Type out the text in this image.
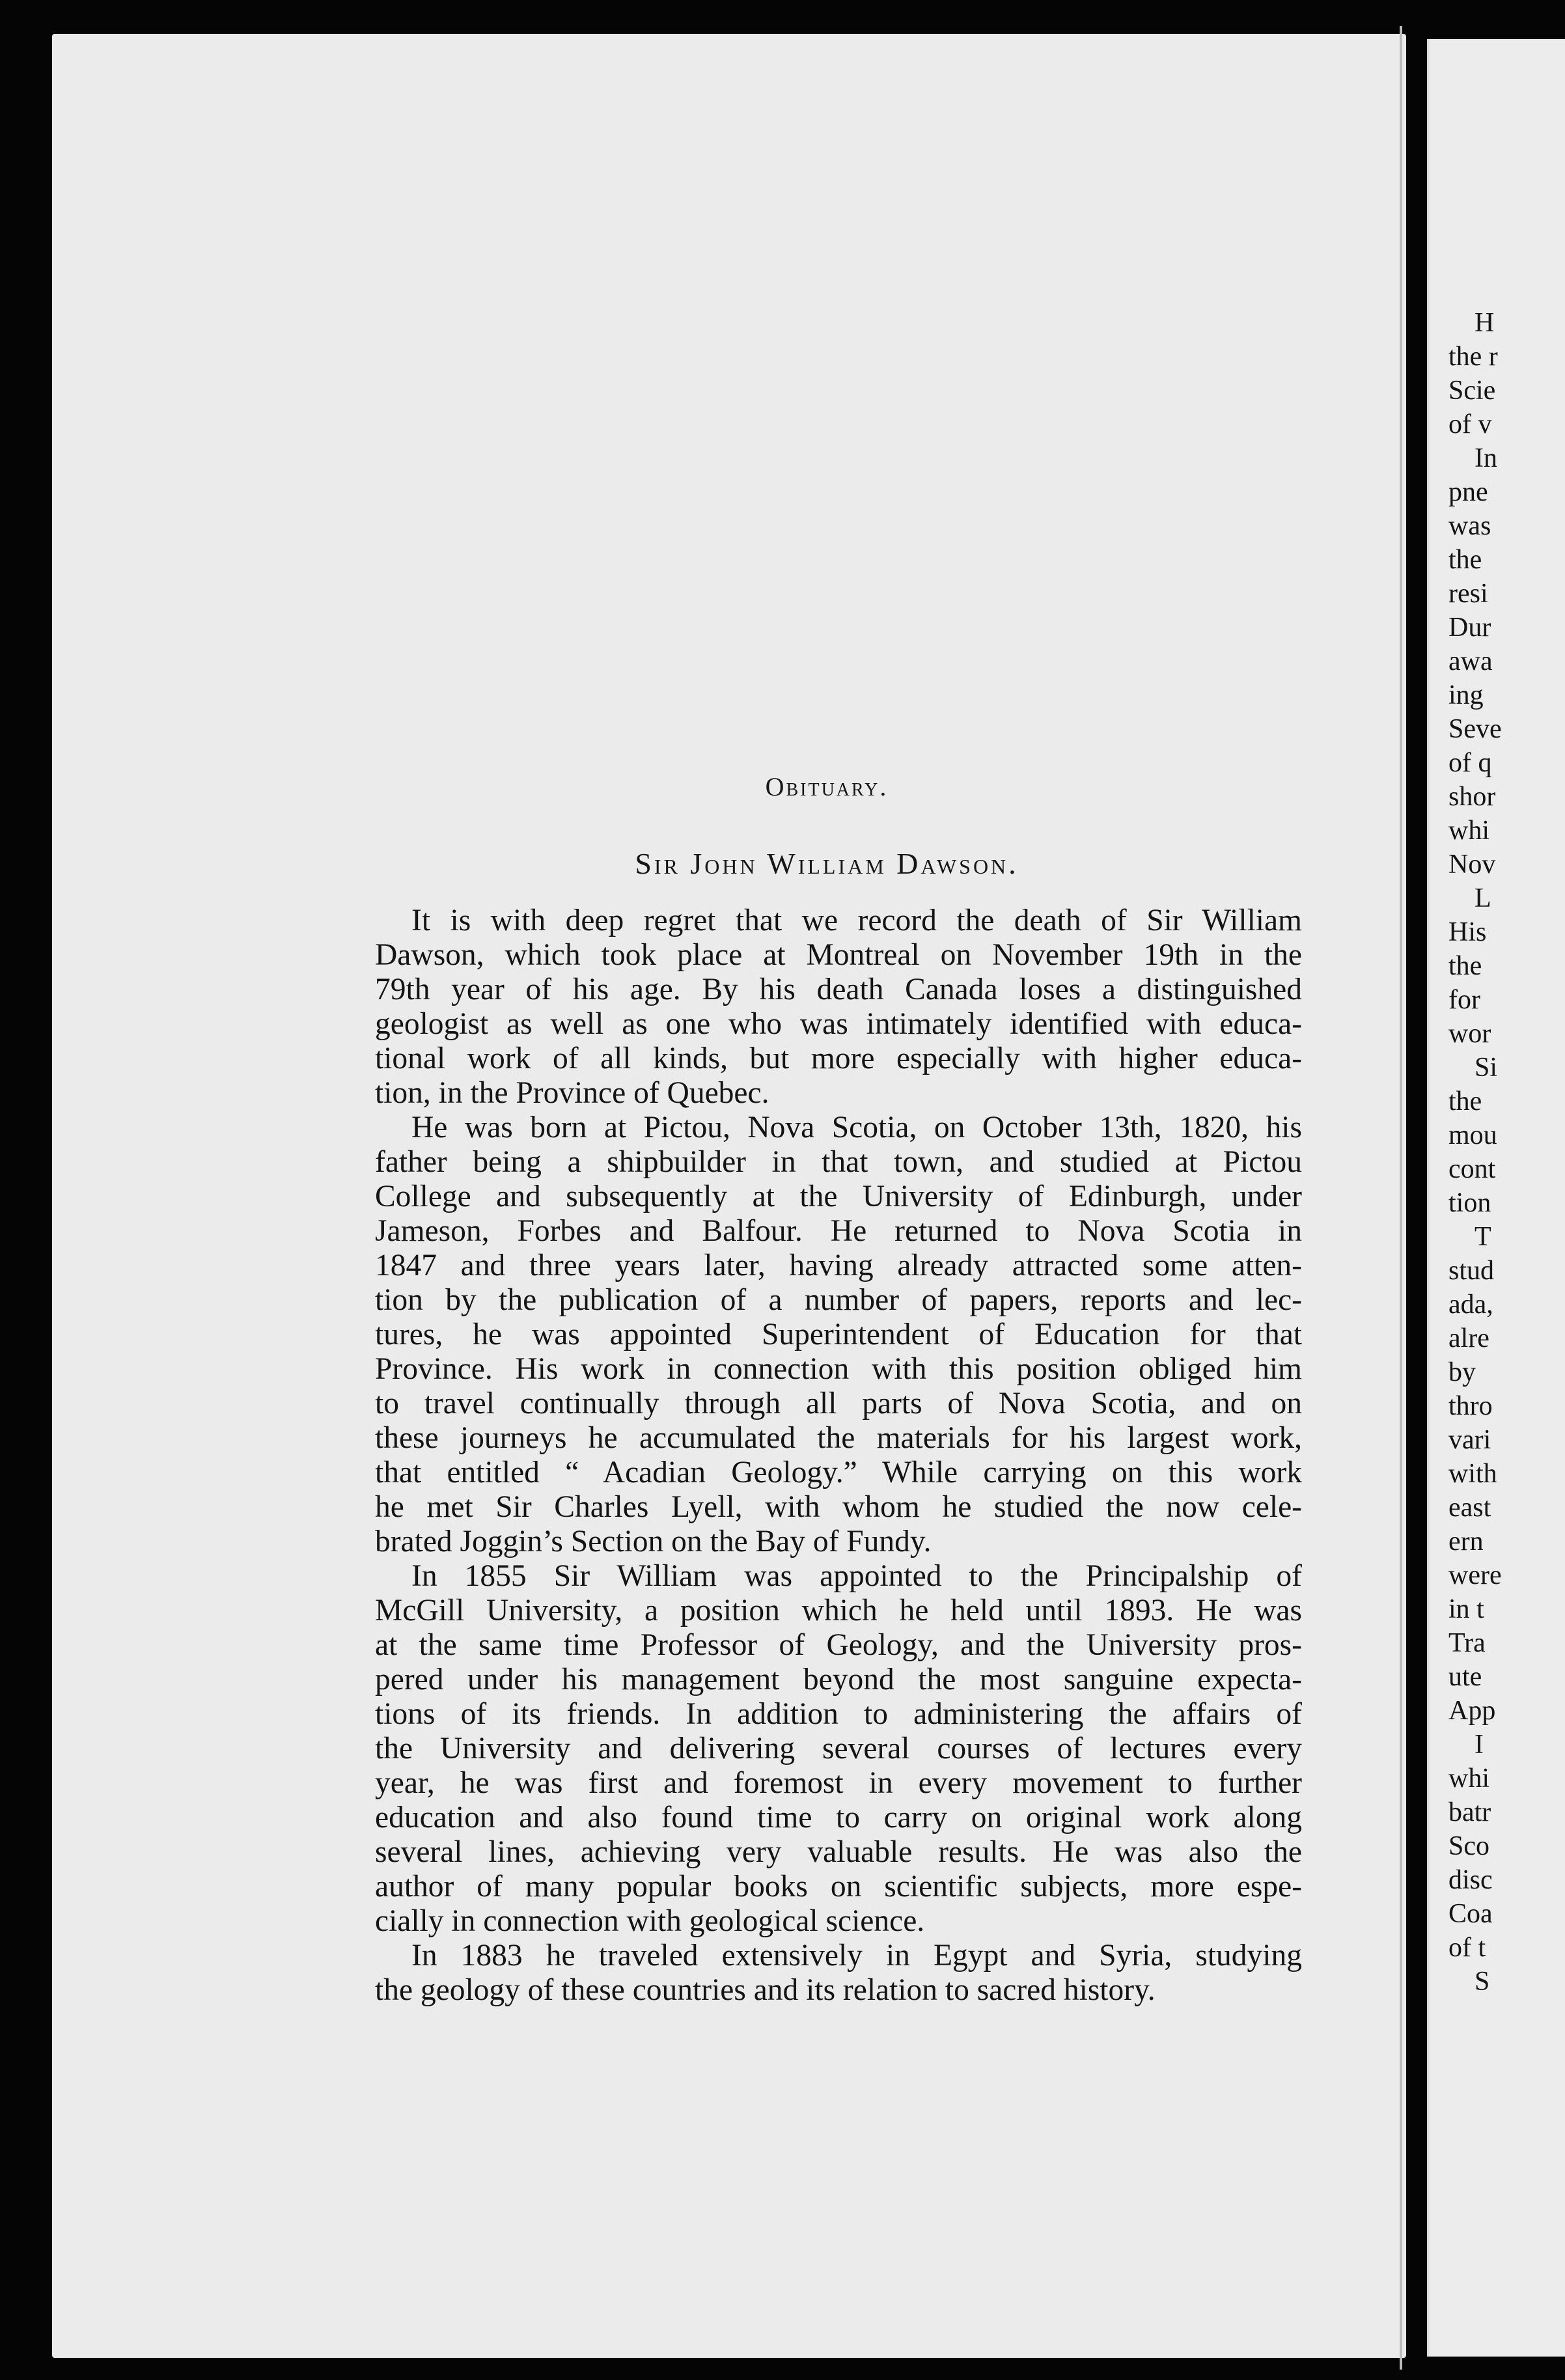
Obituary.
Sir John William Dawson.
It is with deep regret that we record the death of Sir William
Dawson, which took place at Montreal on November 19th in the
79th year of his age. By his death Canada loses a distinguished
geologist as well as one who was intimately identified with educa-
tional work of all kinds, but more especially with higher educa-
tion, in the Province of Quebec.
He was born at Pictou, Nova Scotia, on October 13th, 1820, his
father being a shipbuilder in that town, and studied at Pictou
College and subsequently at the University of Edinburgh, under
Jameson, Forbes and Balfour. He returned to Nova Scotia in
1847 and three years later, having already attracted some atten-
tion by the publication of a number of papers, reports and lec-
tures, he was appointed Superintendent of Education for that
Province. His work in connection with this position obliged him
to travel continually through all parts of Nova Scotia, and on
these journeys he accumulated the materials for his largest work,
that entitled “ Acadian Geology.” While carrying on this work
he met Sir Charles Lyell, with whom he studied the now cele-
brated Joggin’s Section on the Bay of Fundy.
In 1855 Sir William was appointed to the Principalship of
McGill University, a position which he held until 1893. He was
at the same time Professor of Geology, and the University pros-
pered under his management beyond the most sanguine expecta-
tions of its friends. In addition to administering the affairs of
the University and delivering several courses of lectures every
year, he was first and foremost in every movement to further
education and also found time to carry on original work along
several lines, achieving very valuable results. He was also the
author of many popular books on scientific subjects, more espe-
cially in connection with geological science.
In 1883 he traveled extensively in Egypt and Syria, studying
the geology of these countries and its relation to sacred history.
H
the r
Scie
of v
In
pne
was
the
resi
Dur
awa
ing
Seve
of q
shor
whi
Nov
L
His
the
for
wor
Si
the
mou
cont
tion
T
stud
ada,
alre
by
thro
vari
with
east
ern
were
in t
Tra
ute
App
I
whi
batr
Sco
disc
Coa
of t
S
